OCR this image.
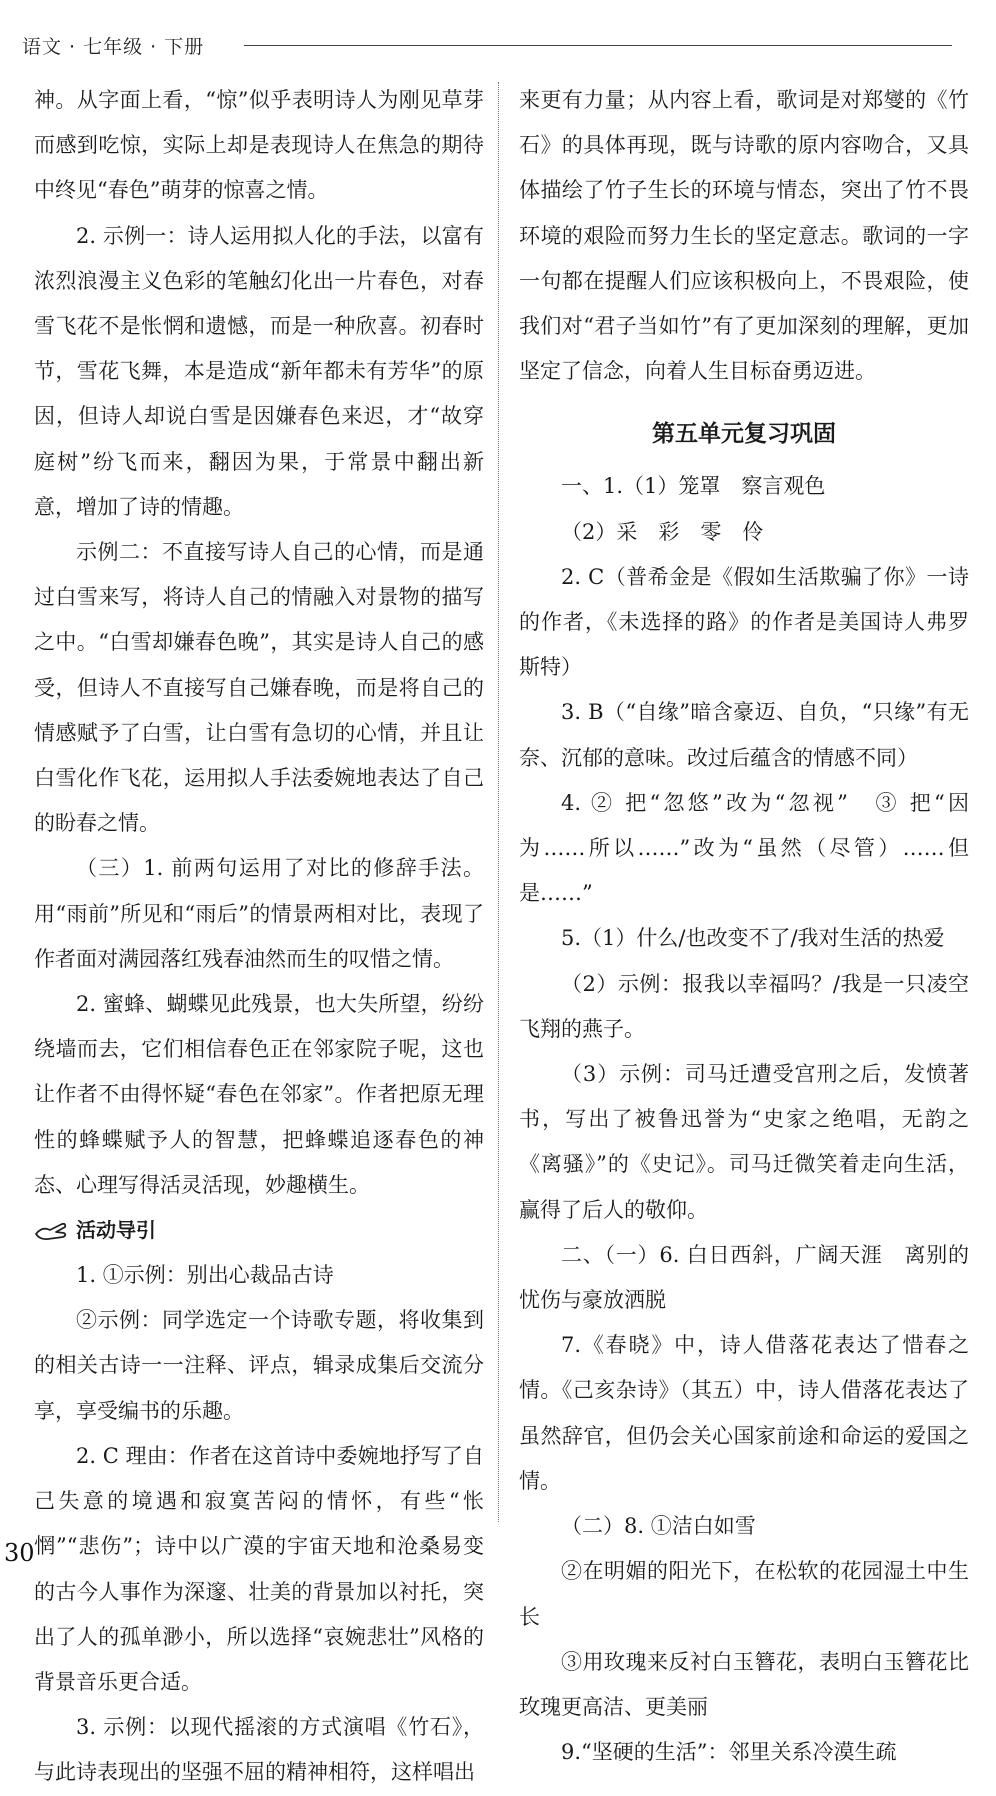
语文 · 七年级 · 下册

神。从字面上看，“惊”似乎表明诗人为刚见草芽而感到吃惊，实际上却是表现诗人在焦急的期待中终见“春色”萌芽的惊喜之情。

2. 示例一：诗人运用拟人化的手法，以富有浓烈浪漫主义色彩的笔触幻化出一片春色，对春雪飞花不是怅惘和遗憾，而是一种欣喜。初春时节，雪花飞舞，本是造成“新年都未有芳华”的原因，但诗人却说白雪是因嫌春色来迟，才“故穿庭树”纷飞而来，翻因为果，于常景中翻出新意，增加了诗的情趣。

示例二：不直接写诗人自己的心情，而是通过白雪来写，将诗人自己的情融入对景物的描写之中。“白雪却嫌春色晚”，其实是诗人自己的感受，但诗人不直接写自己嫌春晚，而是将自己的情感赋予了白雪，让白雪有急切的心情，并且让白雪化作飞花，运用拟人手法委婉地表达了自己的盼春之情。

（三）1. 前两句运用了对比的修辞手法。用“雨前”所见和“雨后”的情景两相对比，表现了作者面对满园落红残春油然而生的叹惜之情。

2. 蜜蜂、蝴蝶见此残景，也大失所望，纷纷绕墙而去，它们相信春色正在邻家院子呢，这也让作者不由得怀疑“春色在邻家”。作者把原无理性的蜂蝶赋予人的智慧，把蜂蝶追逐春色的神态、心理写得活灵活现，妙趣横生。

活动导引

1. ①示例：别出心裁品古诗

②示例：同学选定一个诗歌专题，将收集到的相关古诗一一注释、评点，辑录成集后交流分享，享受编书的乐趣。

2. C 理由：作者在这首诗中委婉地抒写了自己失意的境遇和寂寞苦闷的情怀，有些“怅惘”“悲伤”；诗中以广漠的宇宙天地和沧桑易变的古今人事作为深邃、壮美的背景加以衬托，突出了人的孤单渺小，所以选择“哀婉悲壮”风格的背景音乐更合适。

3. 示例：以现代摇滚的方式演唱《竹石》，与此诗表现出的坚强不屈的精神相符，这样唱出

来更有力量；从内容上看，歌词是对郑燮的《竹石》的具体再现，既与诗歌的原内容吻合，又具体描绘了竹子生长的环境与情态，突出了竹不畏环境的艰险而努力生长的坚定意志。歌词的一字一句都在提醒人们应该积极向上，不畏艰险，使我们对“君子当如竹”有了更加深刻的理解，更加坚定了信念，向着人生目标奋勇迈进。

第五单元复习巩固

一、1.（1）笼罩　察言观色

（2）采　彩　零　伶

2. C（普希金是《假如生活欺骗了你》一诗的作者，《未选择的路》的作者是美国诗人弗罗斯特）

3. B（“自缘”暗含豪迈、自负，“只缘”有无奈、沉郁的意味。改过后蕴含的情感不同）

4. ② 把“忽悠”改为“忽视”　③ 把“因为……所以……”改为“虽然（尽管）……但是……”

5.（1）什么/也改变不了/我对生活的热爱

（2）示例：报我以幸福吗？/我是一只凌空飞翔的燕子。

（3）示例：司马迁遭受宫刑之后，发愤著书，写出了被鲁迅誉为“史家之绝唱，无韵之《离骚》”的《史记》。司马迁微笑着走向生活，赢得了后人的敬仰。

二、（一）6. 白日西斜，广阔天涯　离别的忧伤与豪放洒脱

7.《春晓》中，诗人借落花表达了惜春之情。《己亥杂诗》（其五）中，诗人借落花表达了虽然辞官，但仍会关心国家前途和命运的爱国之情。

（二）8. ①洁白如雪

②在明媚的阳光下，在松软的花园湿土中生长

③用玫瑰来反衬白玉簪花，表明白玉簪花比玫瑰更高洁、更美丽

9.“坚硬的生活”：邻里关系冷漠生疏

30
